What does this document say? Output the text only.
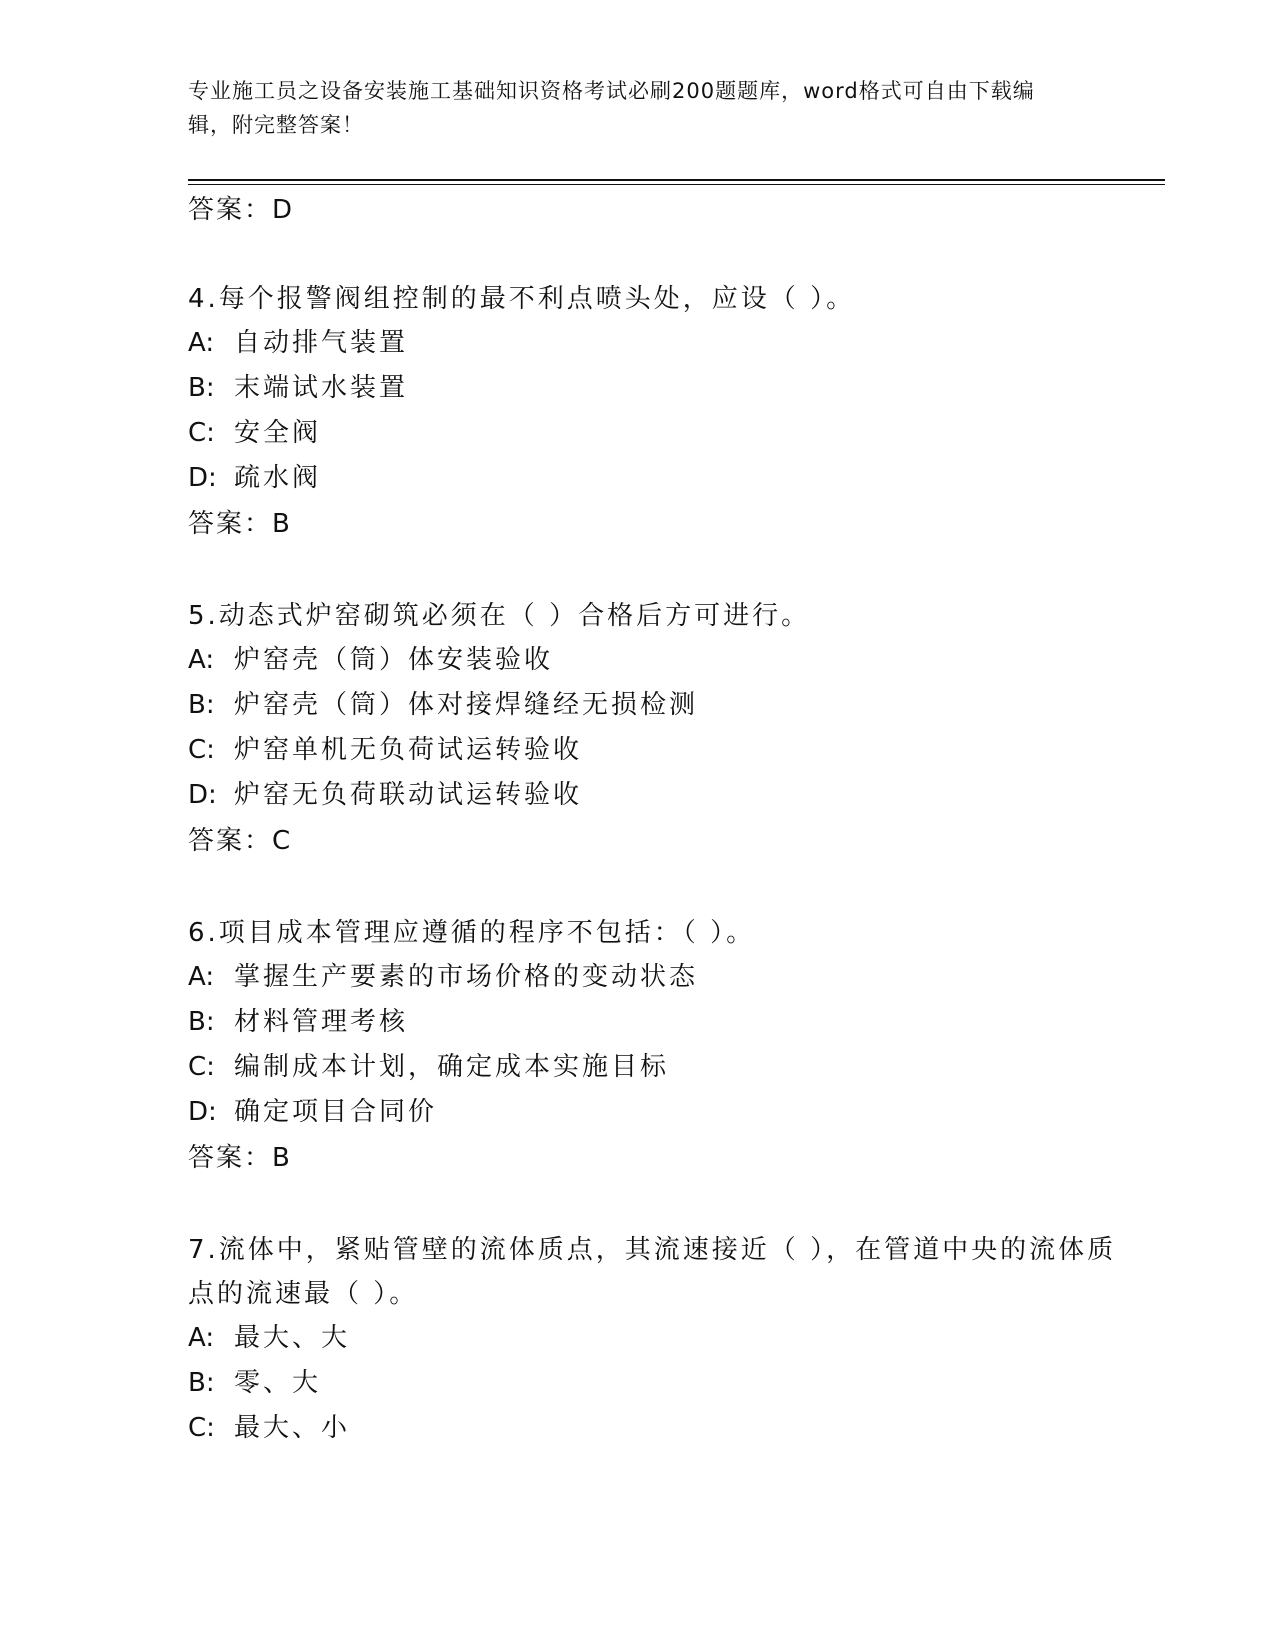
专业施工员之设备安装施工基础知识资格考试必刷200题题库，word格式可自由下载编辑，附完整答案！
答案：D
4.每个报警阀组控制的最不利点喷头处，应设（ ）。
A: 自动排气装置
B: 末端试水装置
C: 安全阀
D: 疏水阀
答案：B
5.动态式炉窑砌筑必须在（ ）合格后方可进行。
A: 炉窑壳（筒）体安装验收
B: 炉窑壳（筒）体对接焊缝经无损检测
C: 炉窑单机无负荷试运转验收
D: 炉窑无负荷联动试运转验收
答案：C
6.项目成本管理应遵循的程序不包括：（ ）。
A: 掌握生产要素的市场价格的变动状态
B: 材料管理考核
C: 编制成本计划，确定成本实施目标
D: 确定项目合同价
答案：B
7.流体中，紧贴管壁的流体质点，其流速接近（ ），在管道中央的流体质点的流速最（ ）。
A: 最大、大
B: 零、大
C: 最大、小
